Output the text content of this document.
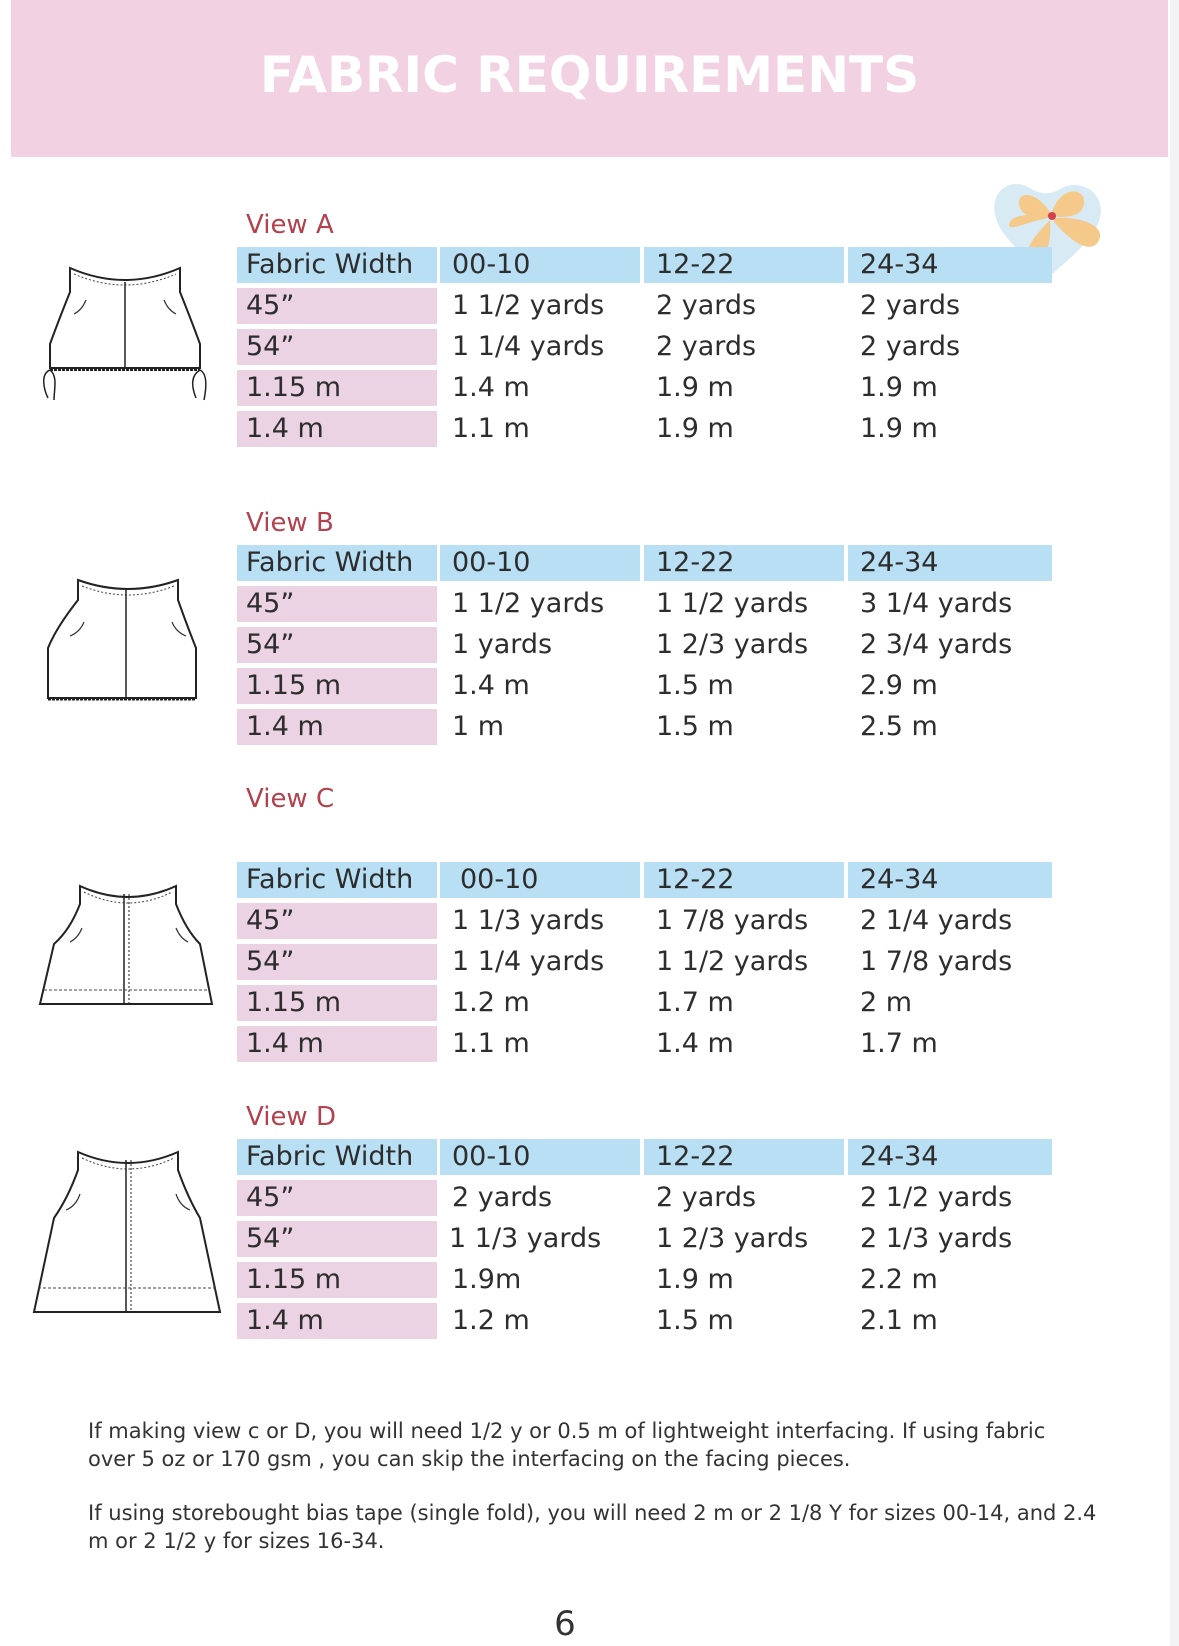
FABRIC REQUIREMENTS
View A
Fabric Width	00-10	12-22	24-34
45”	1 1/2 yards	2 yards	2 yards
54”	1 1/4 yards	2 yards	2 yards
1.15 m	1.4 m	1.9 m	1.9 m
1.4 m	1.1 m	1.9 m	1.9 m
View B
Fabric Width	00-10	12-22	24-34
45”	1 1/2 yards	1 1/2 yards	3 1/4 yards
54”	1 yards	1 2/3 yards	2 3/4 yards
1.15 m	1.4 m	1.5 m	2.9 m
1.4 m	1 m	1.5 m	2.5 m
View C
Fabric Width	00-10	12-22	24-34
45”	1 1/3 yards	1 7/8 yards	2 1/4 yards
54”	1 1/4 yards	1 1/2 yards	1 7/8 yards
1.15 m	1.2 m	1.7 m	2 m
1.4 m	1.1 m	1.4 m	1.7 m
View D
Fabric Width	00-10	12-22	24-34
45”	2 yards	2 yards	2 1/2 yards
54”	1 1/3 yards	1 2/3 yards	2 1/3 yards
1.15 m	1.9m	1.9 m	2.2 m
1.4 m	1.2 m	1.5 m	2.1 m
If making view c or D, you will need 1/2 y or 0.5 m of lightweight interfacing. If using fabric over 5 oz or 170 gsm , you can skip the interfacing on the facing pieces.
If using storebought bias tape (single fold), you will need 2 m or 2 1/8 Y for sizes 00-14, and 2.4 m or 2 1/2 y for sizes 16-34.
6
